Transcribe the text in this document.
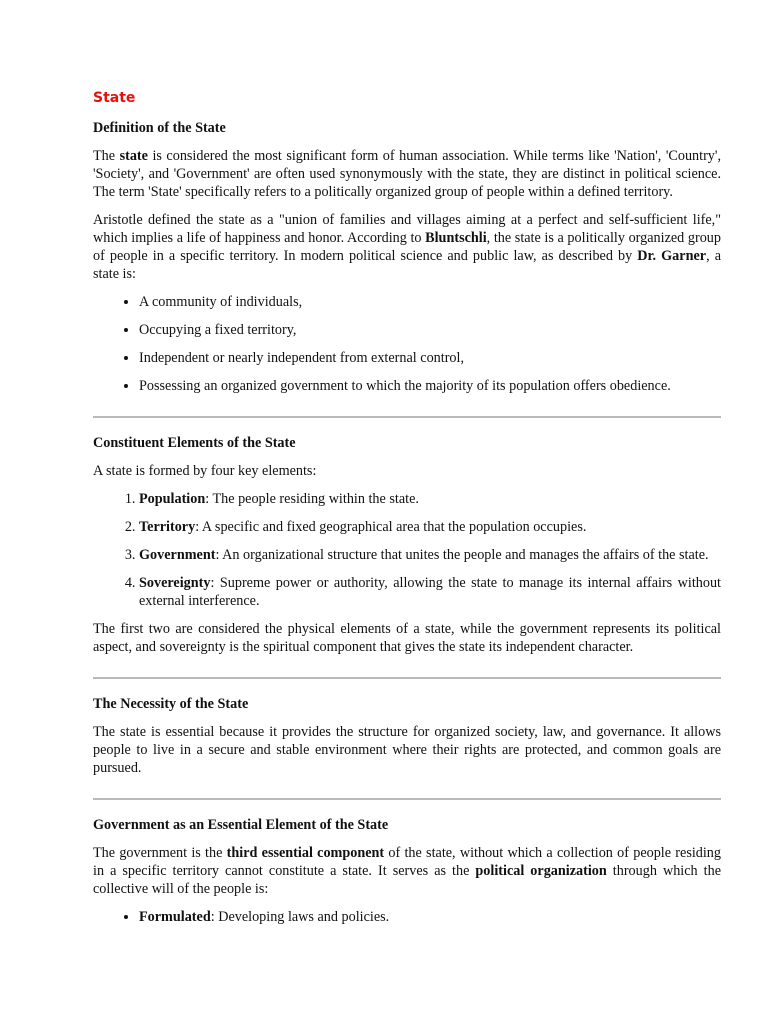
State
Definition of the State

The state is considered the most significant form of human association. While terms like 'Nation', 'Country', 'Society', and 'Government' are often used synonymously with the state, they are distinct in political science. The term 'State' specifically refers to a politically organized group of people within a defined territory.

Aristotle defined the state as a "union of families and villages aiming at a perfect and self-sufficient life," which implies a life of happiness and honor. According to Bluntschli, the state is a politically organized group of people in a specific territory. In modern political science and public law, as described by Dr. Garner, a state is:

• A community of individuals,
• Occupying a fixed territory,
• Independent or nearly independent from external control,
• Possessing an organized government to which the majority of its population offers obedience.
Constituent Elements of the State

A state is formed by four key elements:

1. Population: The people residing within the state.
2. Territory: A specific and fixed geographical area that the population occupies.
3. Government: An organizational structure that unites the people and manages the affairs of the state.
4. Sovereignty: Supreme power or authority, allowing the state to manage its internal affairs without external interference.

The first two are considered the physical elements of a state, while the government represents its political aspect, and sovereignty is the spiritual component that gives the state its independent character.

The Necessity of the State

The state is essential because it provides the structure for organized society, law, and governance. It allows people to live in a secure and stable environment where their rights are protected, and common goals are pursued.

Government as an Essential Element of the State

The government is the third essential component of the state, without which a collection of people residing in a specific territory cannot constitute a state. It serves as the political organization through which the collective will of the people is:

• Formulated: Developing laws and policies.
